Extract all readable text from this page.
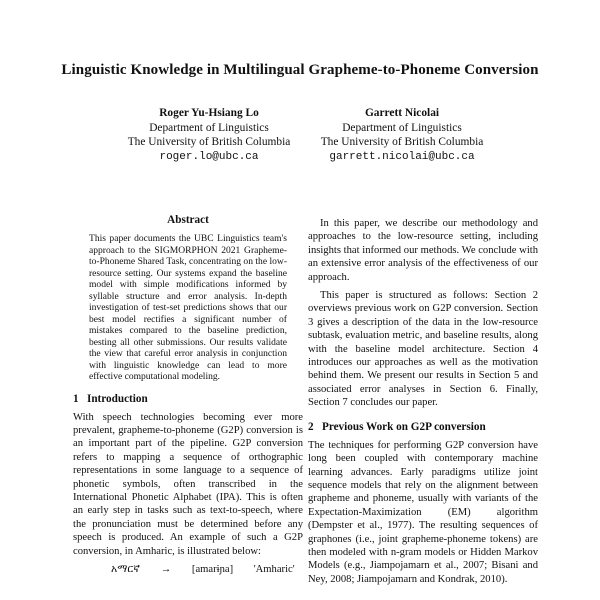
Linguistic Knowledge in Multilingual Grapheme-to-Phoneme Conversion
Roger Yu-Hsiang Lo
Department of Linguistics
The University of British Columbia
roger.lo@ubc.ca
Garrett Nicolai
Department of Linguistics
The University of British Columbia
garrett.nicolai@ubc.ca
Abstract

This paper documents the UBC Linguistics team's approach to the SIGMORPHON 2021 Grapheme-to-Phoneme Shared Task, concentrating on the low-resource setting. Our systems expand the baseline model with simple modifications informed by syllable structure and error analysis. In-depth investigation of test-set predictions shows that our best model rectifies a significant number of mistakes compared to the baseline prediction, besting all other submissions. Our results validate the view that careful error analysis in conjunction with linguistic knowledge can lead to more effective computational modeling.

1   Introduction

With speech technologies becoming ever more prevalent, grapheme-to-phoneme (G2P) conversion is an important part of the pipeline. G2P conversion refers to mapping a sequence of orthographic representations in some language to a sequence of phonetic symbols, often transcribed in the International Phonetic Alphabet (IPA). This is often an early step in tasks such as text-to-speech, where the pronunciation must be determined before any speech is produced. An example of such a G2P conversion, in Amharic, is illustrated below:

አማርኛ → [amarɨɲa] 'Amharic'

In this paper, we describe our methodology and approaches to the low-resource setting, including insights that informed our methods. We conclude with an extensive error analysis of the effectiveness of our approach.

This paper is structured as follows: Section 2 overviews previous work on G2P conversion. Section 3 gives a description of the data in the low-resource subtask, evaluation metric, and baseline results, along with the baseline model architecture. Section 4 introduces our approaches as well as the motivation behind them. We present our results in Section 5 and associated error analyses in Section 6. Finally, Section 7 concludes our paper.

2   Previous Work on G2P conversion

The techniques for performing G2P conversion have long been coupled with contemporary machine learning advances. Early paradigms utilize joint sequence models that rely on the alignment between grapheme and phoneme, usually with variants of the Expectation-Maximization (EM) algorithm (Dempster et al., 1977). The resulting sequences of graphones (i.e., joint grapheme-phoneme tokens) are then modeled with n-gram models or Hidden Markov Models (e.g., Jiampojamarn et al., 2007; Bisani and Ney, 2008; Jiampojamarn and Kondrak, 2010).
